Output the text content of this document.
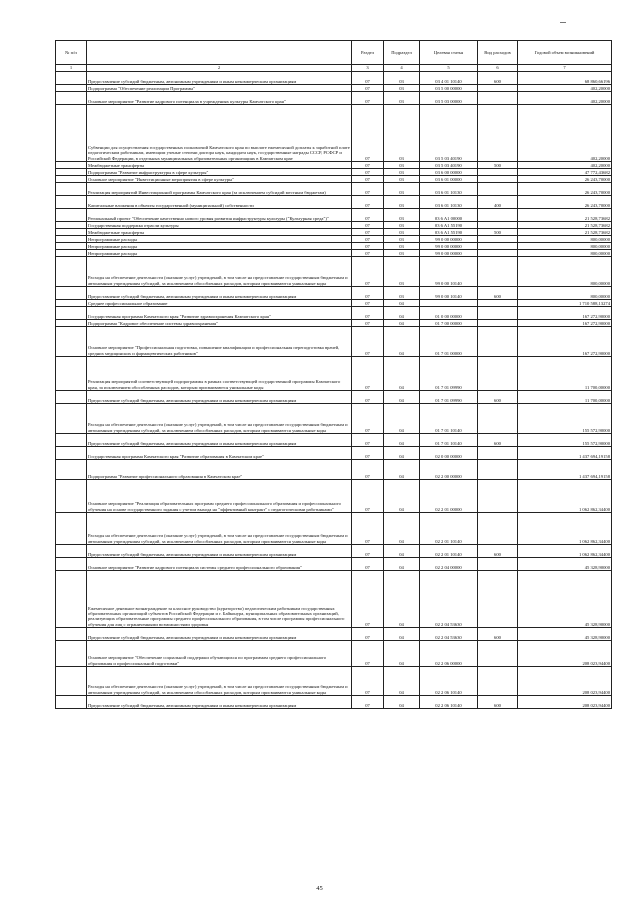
№ п/п		Раздел	Подраздел	Целевая статья	Вид расходов	Годовой объем возникновений
1	2	3	4	5	6	7
	Предоставление субсидий бюджетным, автономным учреждениям и иным некоммерческим организациям	07	03	03 4 01 10140	600	68 860,66196
	Подпрограмма "Обеспечение реализации Программы"	07	03	03 5 00 00000		402,20000
	Основное мероприятие "Развитие кадрового потенциала в учреждениях культуры Камчатского края"	07	03	03 5 03 00000		402,20000
	Субвенции для осуществления государственных полномочий Камчатского края по выплате ежемесячной доплаты к заработной плате педагогическим работникам, имеющим ученые степени доктора наук, кандидата наук, государственные награды СССР, РСФСР и Российской Федерации, в отдельных муниципальных образовательных организациях в Камчатском крае	07	03	03 5 03 40190		402,20000
	Межбюджетные трансферты	07	03	03 5 03 40190	500	402,20000
	Подпрограмма "Развитие инфраструктуры в сфере культуры"	07	03	03 6 00 00000		47 772,43682
	Основное мероприятие "Инвестиционные мероприятия в сфере культуры"	07	03	03 6 01 00000		26 243,70000
	Реализация мероприятий Инвестиционной программы Камчатского края (за исключением субсидий местным бюджетам)	07	03	03 6 01 10130		26 243,70000
	Капитальные вложения в объекты государственной (муниципальной) собственности	07	03	03 6 01 10130	400	26 243,70000
	Региональный проект "Обеспечение качественно нового уровня развития инфраструктуры культуры ("Культурная среда")"	07	03	03 6 A1 00000		21 528,73682
	Государственная поддержка отрасли культуры	07	03	03 6 A1 55190		21 528,73682
	Межбюджетные трансферты	07	03	03 6 A1 55190	500	21 528,73682
	Непрограммные расходы	07	03	99 0 00 00000		800,00000
	Непрограммные расходы	07	03	99 0 00 00000		800,00000
	Непрограммные расходы	07	03	99 0 00 00000		800,00000
	Расходы на обеспечение деятельности (оказание услуг) учреждений, в том числе на предоставление государственным бюджетным и автономным учреждениям субсидий, за исключением обособленных расходов, которым присваиваются уникальные коды	07	03	99 0 00 10140		800,00000
	Предоставление субсидий бюджетным, автономным учреждениям и иным некоммерческим организациям	07	03	99 0 00 10140	600	800,00000
	Среднее профессиональное образование	07	04			1 710 588,13274
	Государственная программа Камчатского края "Развитие здравоохранения Камчатского края"	07	04	01 0 00 00000		167 272,90000
	Подпрограмма "Кадровое обеспечение системы здравоохранения"	07	04	01 7 00 00000		167 272,90000
	Основное мероприятие "Профессиональная подготовка, повышение квалификации и профессиональная переподготовка врачей, средних медицинских и фармацевтических работников"	07	04	01 7 01 00000		167 272,90000
	Реализация мероприятий соответствующей подпрограммы в рамках соответствующей государственной программы Камчатского края, за исключением обособленных расходов, которым присваиваются уникальные коды	07	04	01 7 01 09990		11 700,00000
	Предоставление субсидий бюджетным, автономным учреждениям и иным некоммерческим организациям	07	04	01 7 01 09990	600	11 700,00000
	Расходы на обеспечение деятельности (оказание услуг) учреждений, в том числе на предоставление государственным бюджетным и автономным учреждениям субсидий, за исключением обособленных расходов, которым присваиваются уникальные коды	07	04	01 7 01 10140		155 572,90000
	Предоставление субсидий бюджетным, автономным учреждениям и иным некоммерческим организациям	07	04	01 7 01 10140	600	155 572,90000
	Государственная программа Камчатского края "Развитие образования в Камчатском крае"	07	04	02 0 00 00000		1 437 694,19158
	Подпрограмма "Развитие профессионального образования в Камчатском крае"	07	04	02 2 00 00000		1 437 694,19158
	Основное мероприятие "Реализация образовательных программ среднего профессионального образования и профессионального обучения на основе государственного задания с учетом выхода на "эффективный контракт" с педагогическими работниками"	07	04	02 2 01 00000		1 062 862,34400
	Расходы на обеспечение деятельности (оказание услуг) учреждений, в том числе на предоставление государственным бюджетным и автономным учреждениям субсидий, за исключением обособленных расходов, которым присваиваются уникальные коды	07	04	02 2 01 10140		1 062 862,34400
	Предоставление субсидий бюджетным, автономным учреждениям и иным некоммерческим организациям	07	04	02 2 01 10140	600	1 062 862,34400
	Основное мероприятие "Развитие кадрового потенциала системы среднего профессионального образования"	07	04	02 2 04 00000		45 328,90000
	Ежемесячное денежное вознаграждение за классное руководство (кураторство) педагогическим работникам государственных образовательных организаций субъектов Российской Федерации и г. Байконура, муниципальных образовательных организаций, реализующих образовательные программы среднего профессионального образования, в том числе программы профессионального обучения для лиц с ограниченными возможностями здоровья	07	04	02 2 04 53630		45 328,90000
	Предоставление субсидий бюджетным, автономным учреждениям и иным некоммерческим организациям	07	04	02 2 04 53630	600	45 328,90000
	Основное мероприятие "Обеспечение социальной поддержки обучающихся по программам среднего профессионального образования и профессиональной подготовки"	07	04	02 2 06 00000		208 023,94400
	Расходы на обеспечение деятельности (оказание услуг) учреждений, в том числе на предоставление государственным бюджетным и автономным учреждениям субсидий, за исключением обособленных расходов, которым присваиваются уникальные коды	07	04	02 2 06 10140		208 023,94400
	Предоставление субсидий бюджетным, автономным учреждениям и иным некоммерческим организациям	07	04	02 2 06 10140	600	208 023,94400
45
